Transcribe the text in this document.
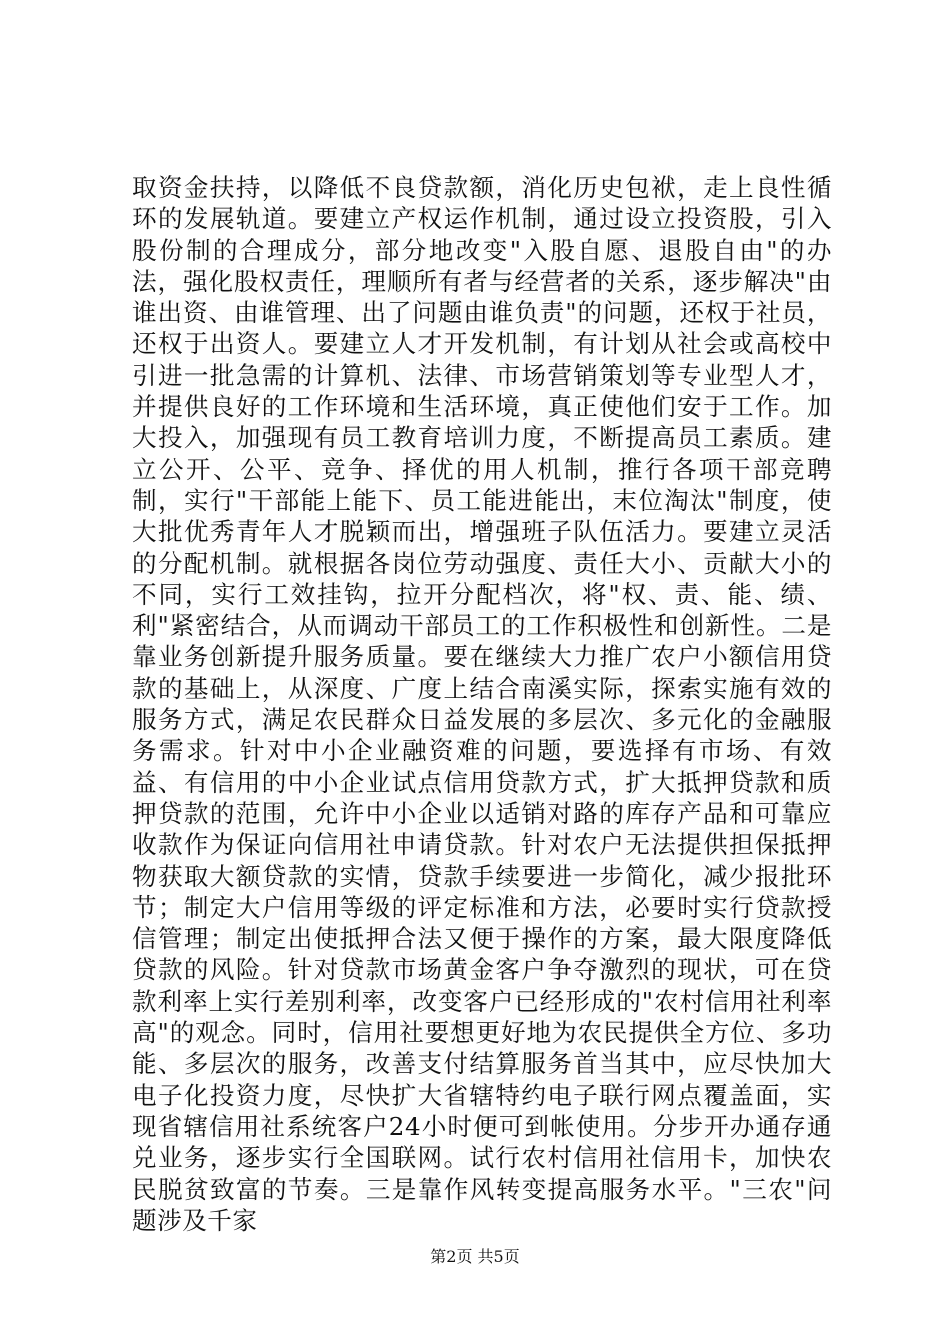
取资金扶持，以降低不良贷款额，消化历史包袱，走上良性循环的发展轨道。要建立产权运作机制，通过设立投资股，引入股份制的合理成分，部分地改变"入股自愿、退股自由"的办法，强化股权责任，理顺所有者与经营者的关系，逐步解决"由谁出资、由谁管理、出了问题由谁负责"的问题，还权于社员，还权于出资人。要建立人才开发机制，有计划从社会或高校中引进一批急需的计算机、法律、市场营销策划等专业型人才，并提供良好的工作环境和生活环境，真正使他们安于工作。加大投入，加强现有员工教育培训力度，不断提高员工素质。建立公开、公平、竞争、择优的用人机制，推行各项干部竞聘制，实行"干部能上能下、员工能进能出，末位淘汰"制度，使大批优秀青年人才脱颖而出，增强班子队伍活力。要建立灵活的分配机制。就根据各岗位劳动强度、责任大小、贡献大小的不同，实行工效挂钩，拉开分配档次，将"权、责、能、绩、利"紧密结合，从而调动干部员工的工作积极性和创新性。二是靠业务创新提升服务质量。要在继续大力推广农户小额信用贷款的基础上，从深度、广度上结合南溪实际，探索实施有效的服务方式，满足农民群众日益发展的多层次、多元化的金融服务需求。针对中小企业融资难的问题，要选择有市场、有效益、有信用的中小企业试点信用贷款方式，扩大抵押贷款和质押贷款的范围，允许中小企业以适销对路的库存产品和可靠应收款作为保证向信用社申请贷款。针对农户无法提供担保抵押物获取大额贷款的实情，贷款手续要进一步简化，减少报批环节；制定大户信用等级的评定标准和方法，必要时实行贷款授信管理；制定出使抵押合法又便于操作的方案，最大限度降低贷款的风险。针对贷款市场黄金客户争夺激烈的现状，可在贷款利率上实行差别利率，改变客户已经形成的"农村信用社利率高"的观念。同时，信用社要想更好地为农民提供全方位、多功能、多层次的服务，改善支付结算服务首当其中，应尽快加大电子化投资力度，尽快扩大省辖特约电子联行网点覆盖面，实现省辖信用社系统客户24小时便可到帐使用。分步开办通存通兑业务，逐步实行全国联网。试行农村信用社信用卡，加快农民脱贫致富的节奏。三是靠作风转变提高服务水平。"三农"问题涉及千家

第2页 共5页
